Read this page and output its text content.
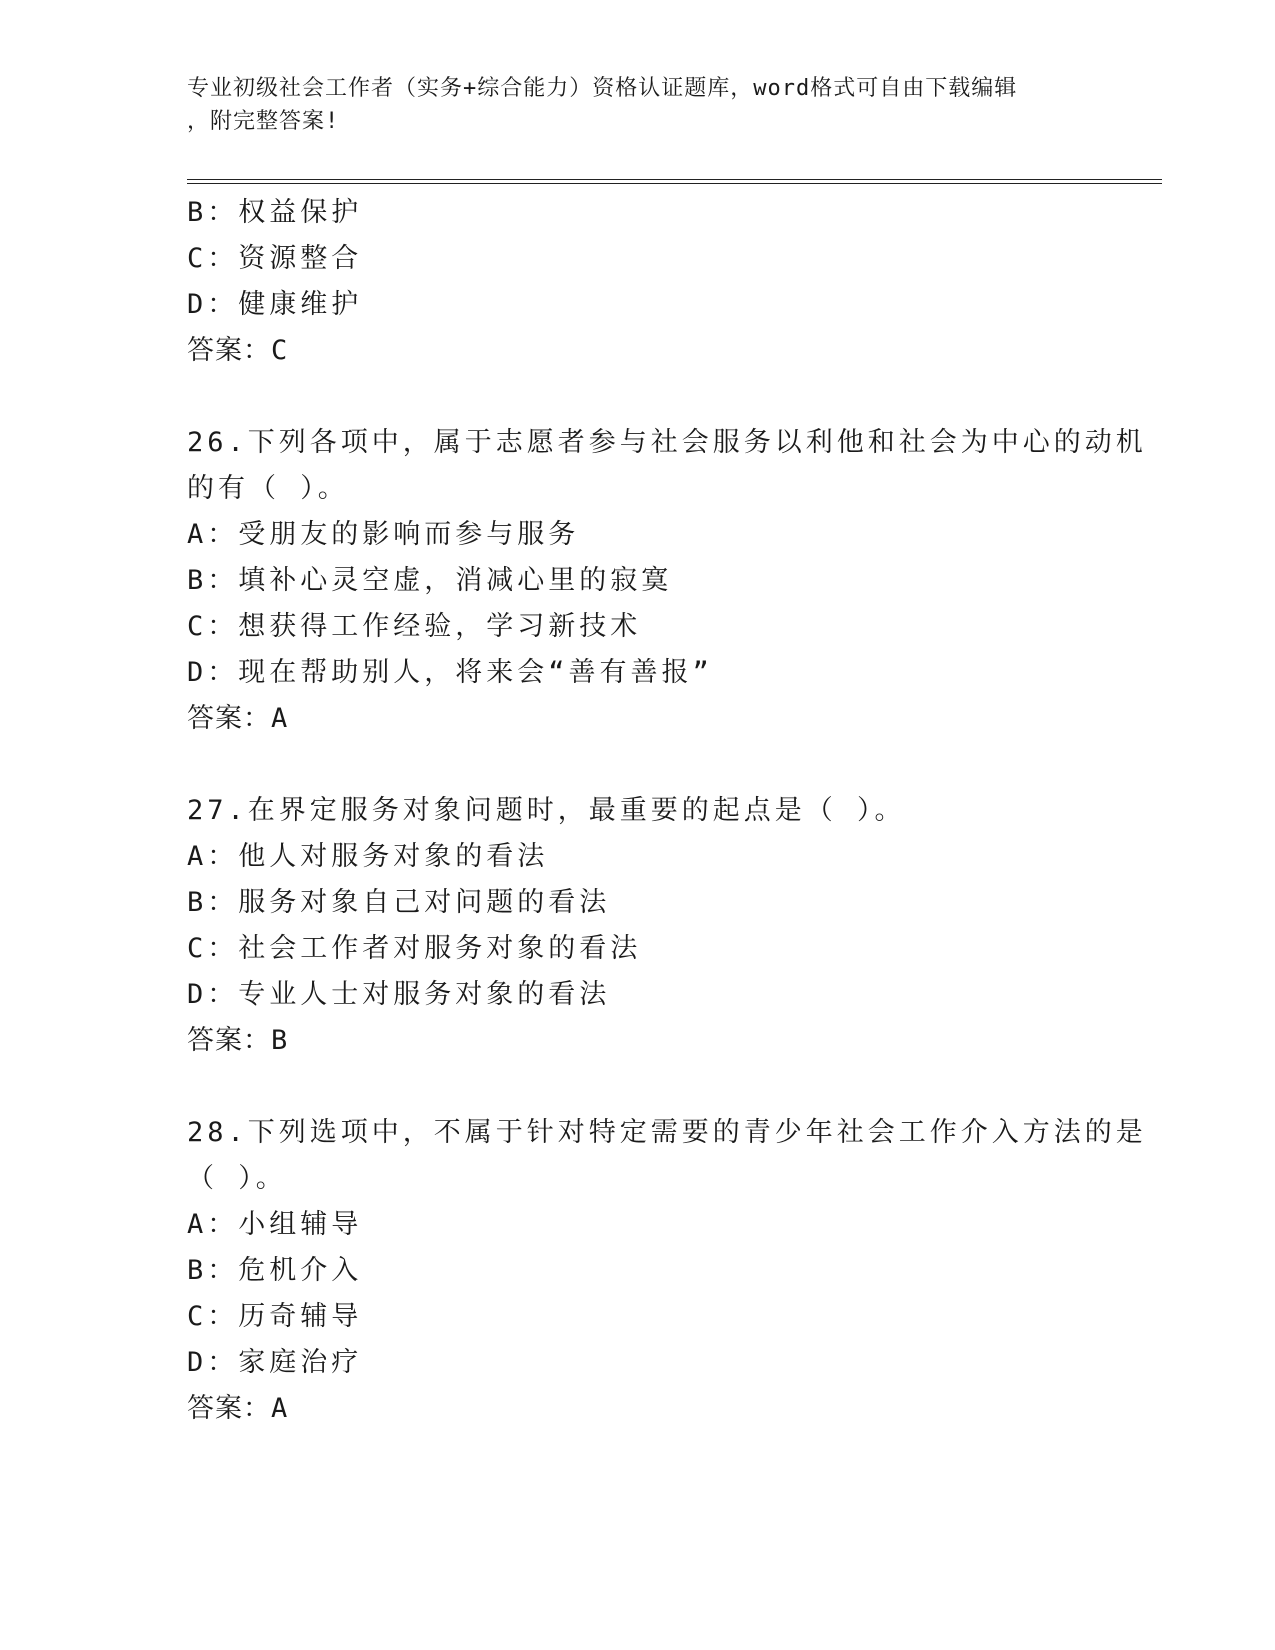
专业初级社会工作者（实务+综合能力）资格认证题库，word格式可自由下载编辑
，附完整答案!
B：权益保护
C：资源整合
D：健康维护
答案：C
26.下列各项中，属于志愿者参与社会服务以利他和社会为中心的动机
的有（ ）。
A：受朋友的影响而参与服务
B：填补心灵空虚，消减心里的寂寞
C：想获得工作经验，学习新技术
D：现在帮助别人，将来会“善有善报”
答案：A
27.在界定服务对象问题时，最重要的起点是（ ）。
A：他人对服务对象的看法
B：服务对象自己对问题的看法
C：社会工作者对服务对象的看法
D：专业人士对服务对象的看法
答案：B
28.下列选项中，不属于针对特定需要的青少年社会工作介入方法的是
（ ）。
A：小组辅导
B：危机介入
C：历奇辅导
D：家庭治疗
答案：A
